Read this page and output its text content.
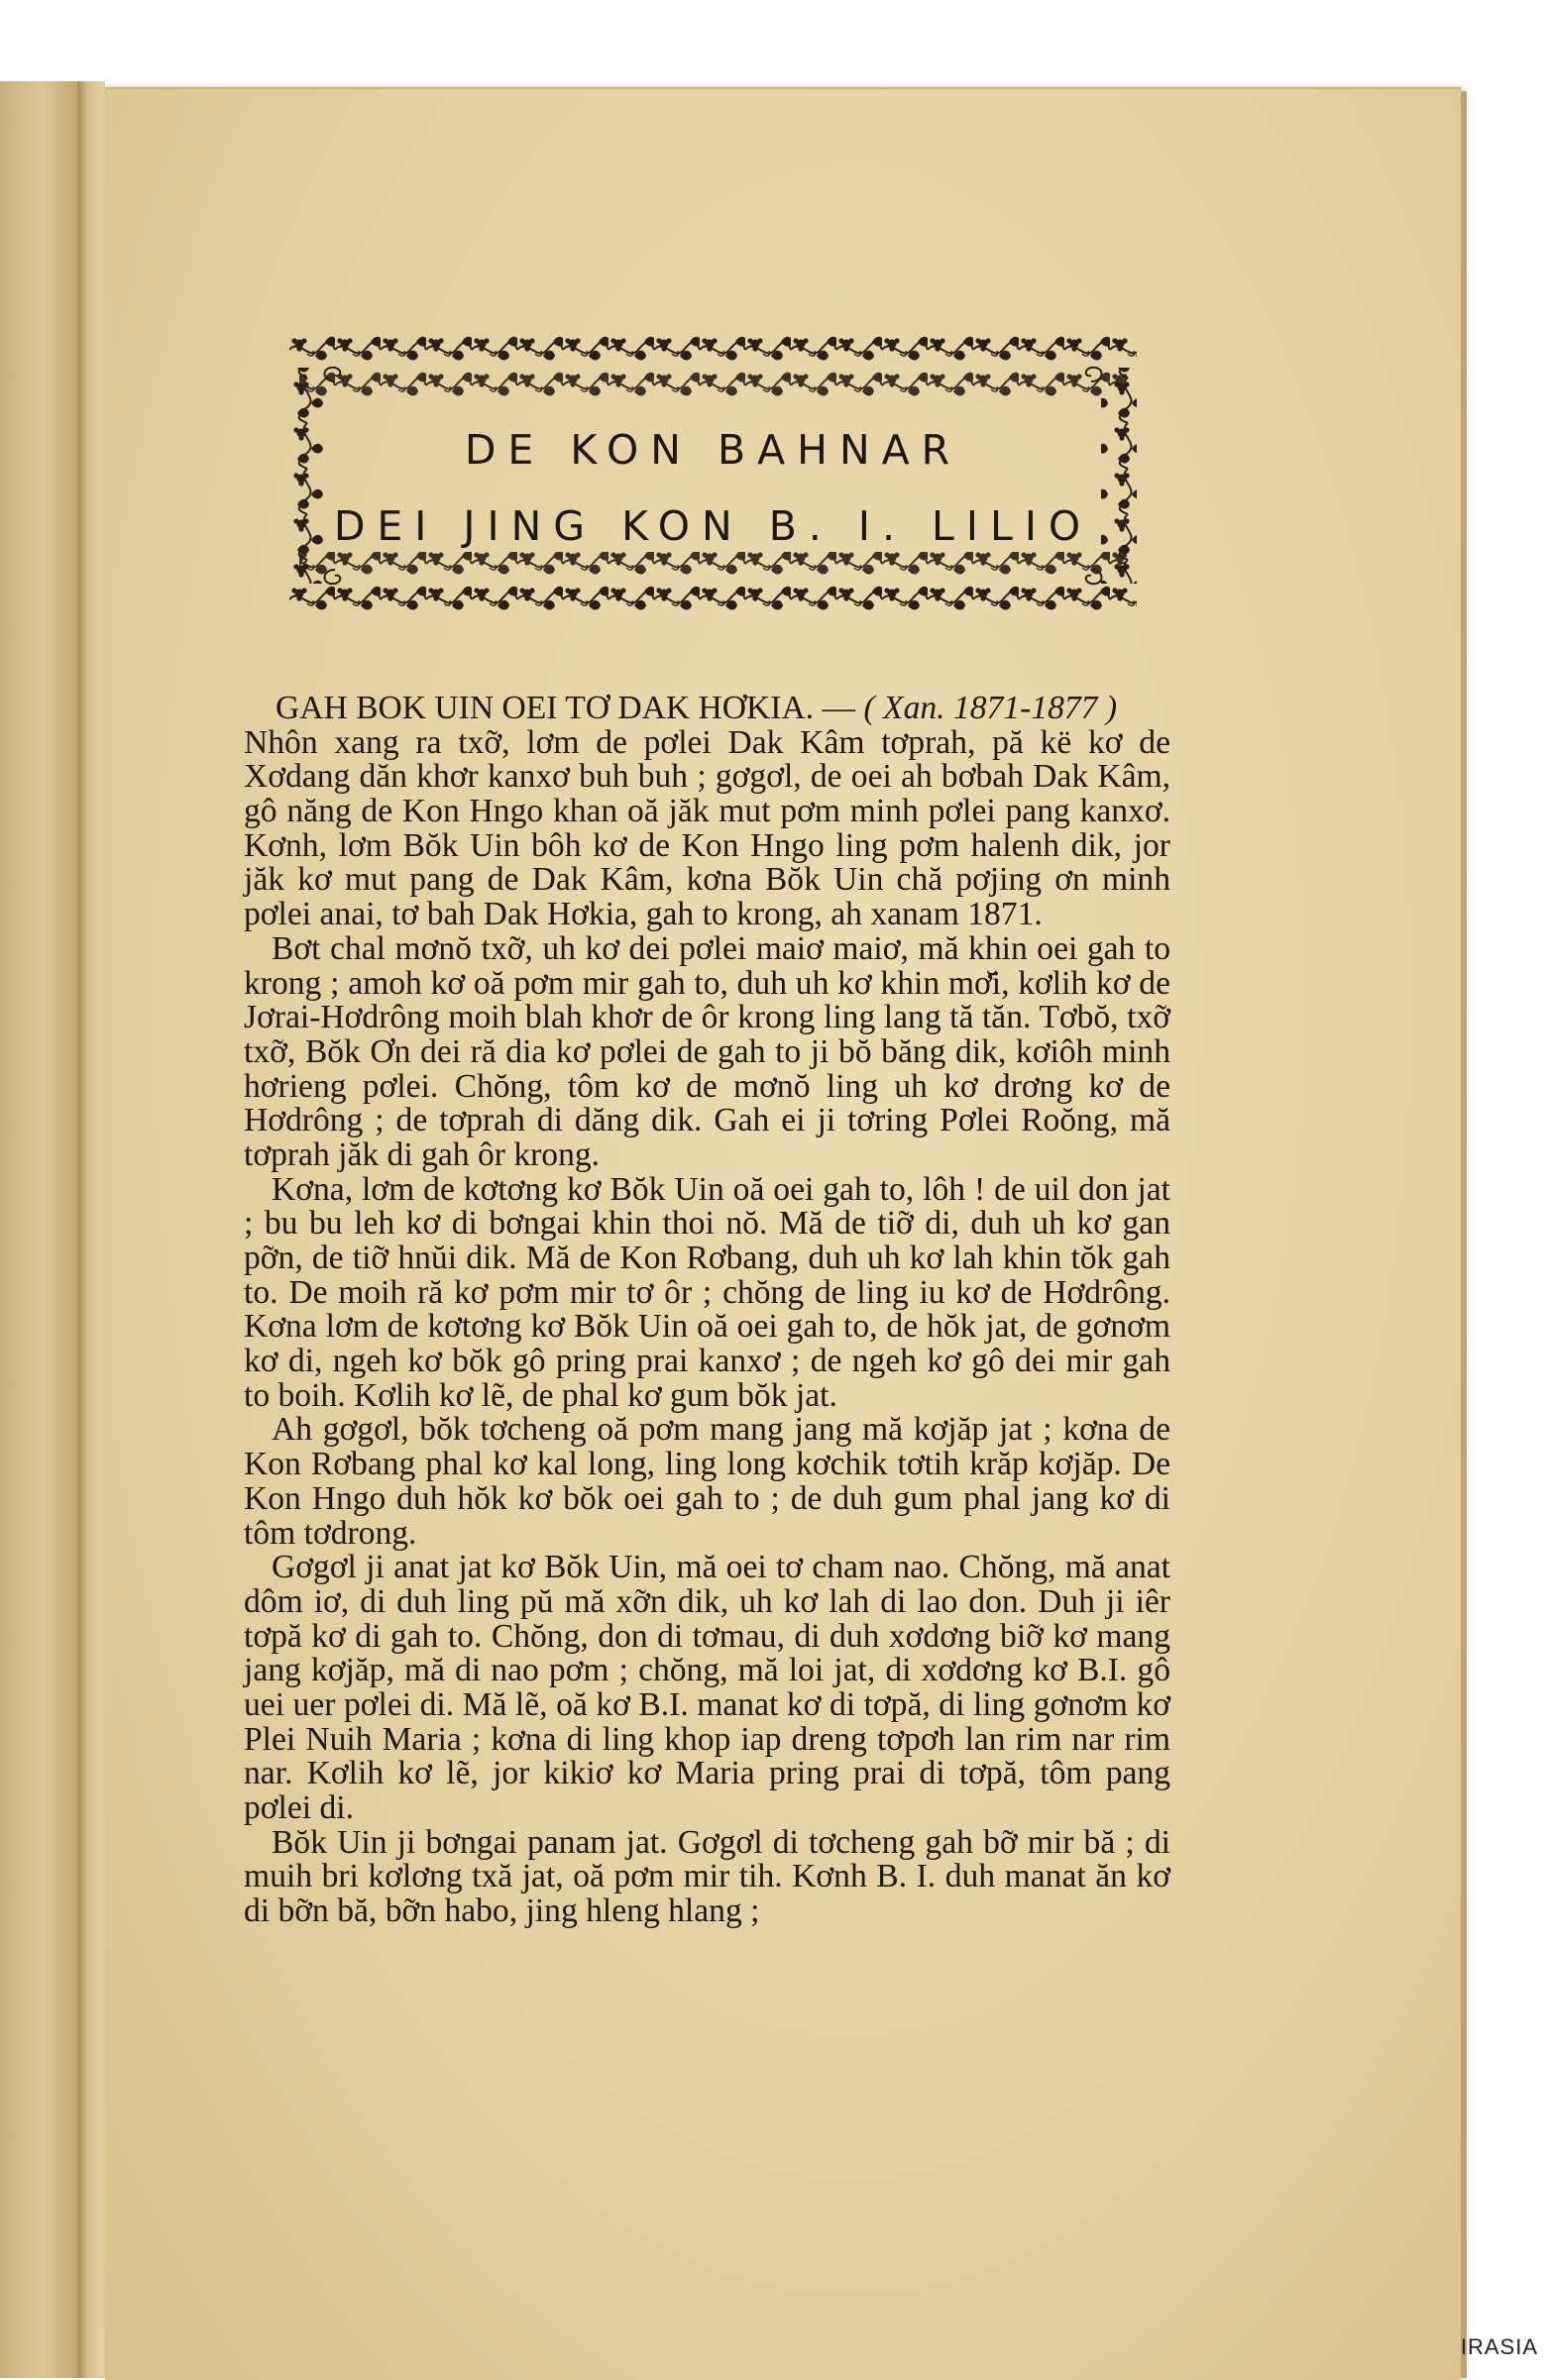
DE KON BAHNAR
DEI JING KON B. I. LILIO

GAH BOK UIN OEI TƠ DAK HƠKIA. — ( Xan. 1871-1877 )

Nhôn xang ra txỡ, lơm de pơlei Dak Kâm tơprah, pă kë kơ de Xơdang dăn khơr kanxơ buh buh ; gơgơl, de oei ah bơbah Dak Kâm, gô năng de Kon Hngo khan oă jăk mut pơm minh pơlei pang kanxơ. Kơnh, lơm Bŏk Uin bôh kơ de Kon Hngo ling pơm halenh dik, jor jăk kơ mut pang de Dak Kâm, kơna Bŏk Uin chă pơjing ơn minh pơlei anai, tơ bah Dak Hơkia, gah to krong, ah xanam 1871.

Bơt chal mơnŏ txỡ, uh kơ dei pơlei maiơ maiơ, mă khin oei gah to krong ; amoh kơ oă pơm mir gah to, duh uh kơ khin mơ̆i, kơlih kơ de Jơrai-Hơdrông moih blah khơr de ôr krong ling lang tă tăn. Tơbŏ, txỡ txỡ, Bŏk Ơn dei ră dia kơ pơlei de gah to ji bŏ băng dik, kơiôh minh hơrieng pơlei. Chŏng, tôm kơ de mơnŏ ling uh kơ drơng kơ de Hơdrông ; de tơprah di dăng dik. Gah ei ji tơring Pơlei Roŏng, mă tơprah jăk di gah ôr krong.

Kơna, lơm de kơtơng kơ Bŏk Uin oă oei gah to, lôh ! de uil don jat ; bu bu leh kơ di bơngai khin thoi nŏ. Mă de tiỡ di, duh uh kơ gan pỡn, de tiỡ hnŭi dik. Mă de Kon Rơbang, duh uh kơ lah khin tŏk gah to. De moih ră kơ pơm mir tơ ôr ; chŏng de ling iu kơ de Hơdrông. Kơna lơm de kơtơng kơ Bŏk Uin oă oei gah to, de hŏk jat, de gơnơm kơ di, ngeh kơ bŏk gô pring prai kanxơ ; de ngeh kơ gô dei mir gah to boih. Kơlih kơ lẽ, de phal kơ gum bŏk jat.

Ah gơgơl, bŏk tơcheng oă pơm mang jang mă kơjăp jat ; kơna de Kon Rơbang phal kơ kal long, ling long kơchik tơtih krăp kơjăp. De Kon Hngo duh hŏk kơ bŏk oei gah to ; de duh gum phal jang kơ di tôm tơdrong.

Gơgơl ji anat jat kơ Bŏk Uin, mă oei tơ cham nao. Chŏng, mă anat dôm iơ, di duh ling pŭ mă xỡn dik, uh kơ lah di lao don. Duh ji iêr tơpă kơ di gah to. Chŏng, don di tơmau, di duh xơdơng biỡ kơ mang jang kơjăp, mă di nao pơm ; chŏng, mă loi jat, di xơdơng kơ B.I. gô uei uer pơlei di. Mă lẽ, oă kơ B.I. manat kơ di tơpă, di ling gơnơm kơ Plei Nuih Maria ; kơna di ling khop iap dreng tơpơh lan rim nar rim nar. Kơlih kơ lẽ, jor kikiơ kơ Maria pring prai di tơpă, tôm pang pơlei di.

Bŏk Uin ji bơngai panam jat. Gơgơl di tơcheng gah bỡ mir bă ; di muih bri kơlơng txă jat, oă pơm mir tih. Kơnh B. I. duh manat ăn kơ di bỡn bă, bỡn habo, jing hleng hlang ;

IRASIA
